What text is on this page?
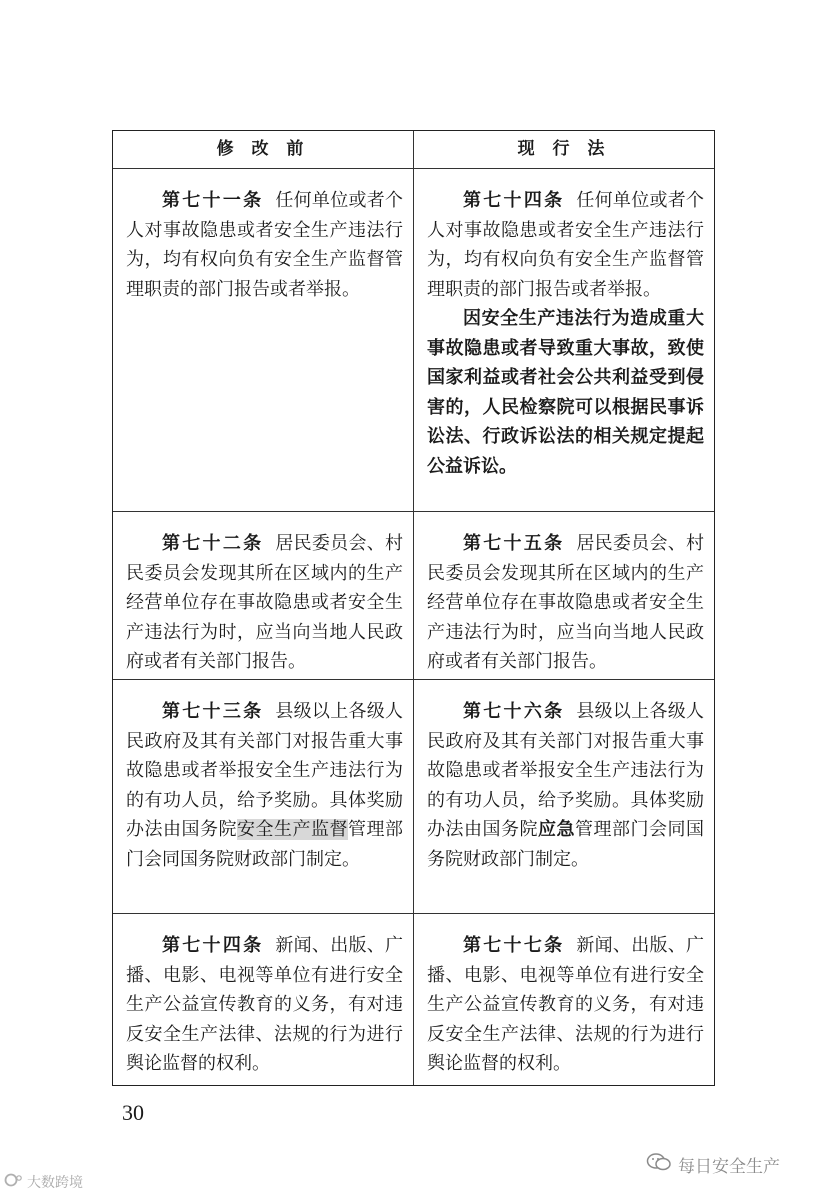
修 改 前	现 行 法

第七十一条 任何单位或者个人对事故隐患或者安全生产违法行为，均有权向负有安全生产监督管理职责的部门报告或者举报。

第七十四条 任何单位或者个人对事故隐患或者安全生产违法行为，均有权向负有安全生产监督管理职责的部门报告或者举报。

因安全生产违法行为造成重大事故隐患或者导致重大事故，致使国家利益或者社会公共利益受到侵害的，人民检察院可以根据民事诉讼法、行政诉讼法的相关规定提起公益诉讼。

第七十二条 居民委员会、村民委员会发现其所在区域内的生产经营单位存在事故隐患或者安全生产违法行为时，应当向当地人民政府或者有关部门报告。

第七十五条 居民委员会、村民委员会发现其所在区域内的生产经营单位存在事故隐患或者安全生产违法行为时，应当向当地人民政府或者有关部门报告。

第七十三条 县级以上各级人民政府及其有关部门对报告重大事故隐患或者举报安全生产违法行为的有功人员，给予奖励。具体奖励办法由国务院安全生产监督管理部门会同国务院财政部门制定。

第七十六条 县级以上各级人民政府及其有关部门对报告重大事故隐患或者举报安全生产违法行为的有功人员，给予奖励。具体奖励办法由国务院应急管理部门会同国务院财政部门制定。

第七十四条 新闻、出版、广播、电影、电视等单位有进行安全生产公益宣传教育的义务，有对违反安全生产法律、法规的行为进行舆论监督的权利。

第七十七条 新闻、出版、广播、电影、电视等单位有进行安全生产公益宣传教育的义务，有对违反安全生产法律、法规的行为进行舆论监督的权利。

30
大数跨境
每日安全生产
